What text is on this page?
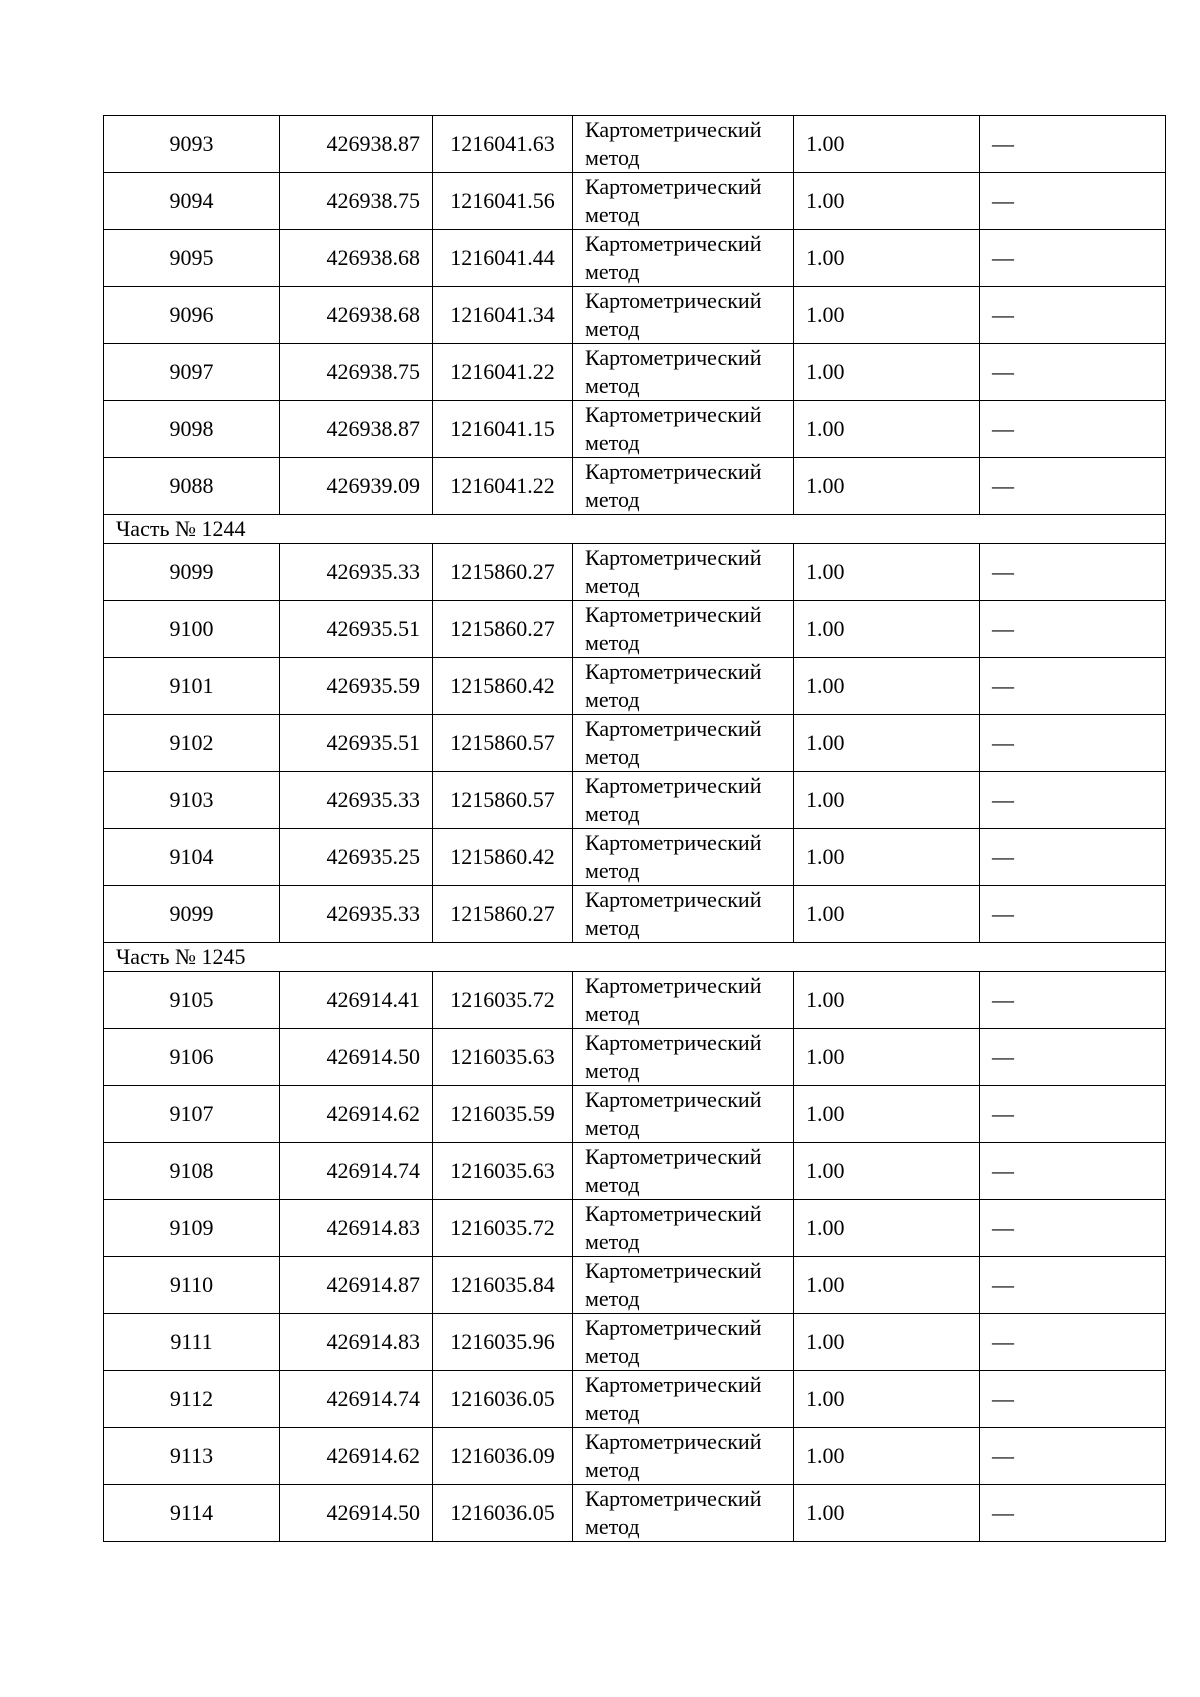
9093	426938.87	1216041.63	Картометрический
метод	1.00	—
9094	426938.75	1216041.56	Картометрический
метод	1.00	—
9095	426938.68	1216041.44	Картометрический
метод	1.00	—
9096	426938.68	1216041.34	Картометрический
метод	1.00	—
9097	426938.75	1216041.22	Картометрический
метод	1.00	—
9098	426938.87	1216041.15	Картометрический
метод	1.00	—
9088	426939.09	1216041.22	Картометрический
метод	1.00	—
Часть № 1244					
9099	426935.33	1215860.27	Картометрический
метод	1.00	—
9100	426935.51	1215860.27	Картометрический
метод	1.00	—
9101	426935.59	1215860.42	Картометрический
метод	1.00	—
9102	426935.51	1215860.57	Картометрический
метод	1.00	—
9103	426935.33	1215860.57	Картометрический
метод	1.00	—
9104	426935.25	1215860.42	Картометрический
метод	1.00	—
9099	426935.33	1215860.27	Картометрический
метод	1.00	—
Часть № 1245					
9105	426914.41	1216035.72	Картометрический
метод	1.00	—
9106	426914.50	1216035.63	Картометрический
метод	1.00	—
9107	426914.62	1216035.59	Картометрический
метод	1.00	—
9108	426914.74	1216035.63	Картометрический
метод	1.00	—
9109	426914.83	1216035.72	Картометрический
метод	1.00	—
9110	426914.87	1216035.84	Картометрический
метод	1.00	—
9111	426914.83	1216035.96	Картометрический
метод	1.00	—
9112	426914.74	1216036.05	Картометрический
метод	1.00	—
9113	426914.62	1216036.09	Картометрический
метод	1.00	—
9114	426914.50	1216036.05	Картометрический
метод	1.00	—
